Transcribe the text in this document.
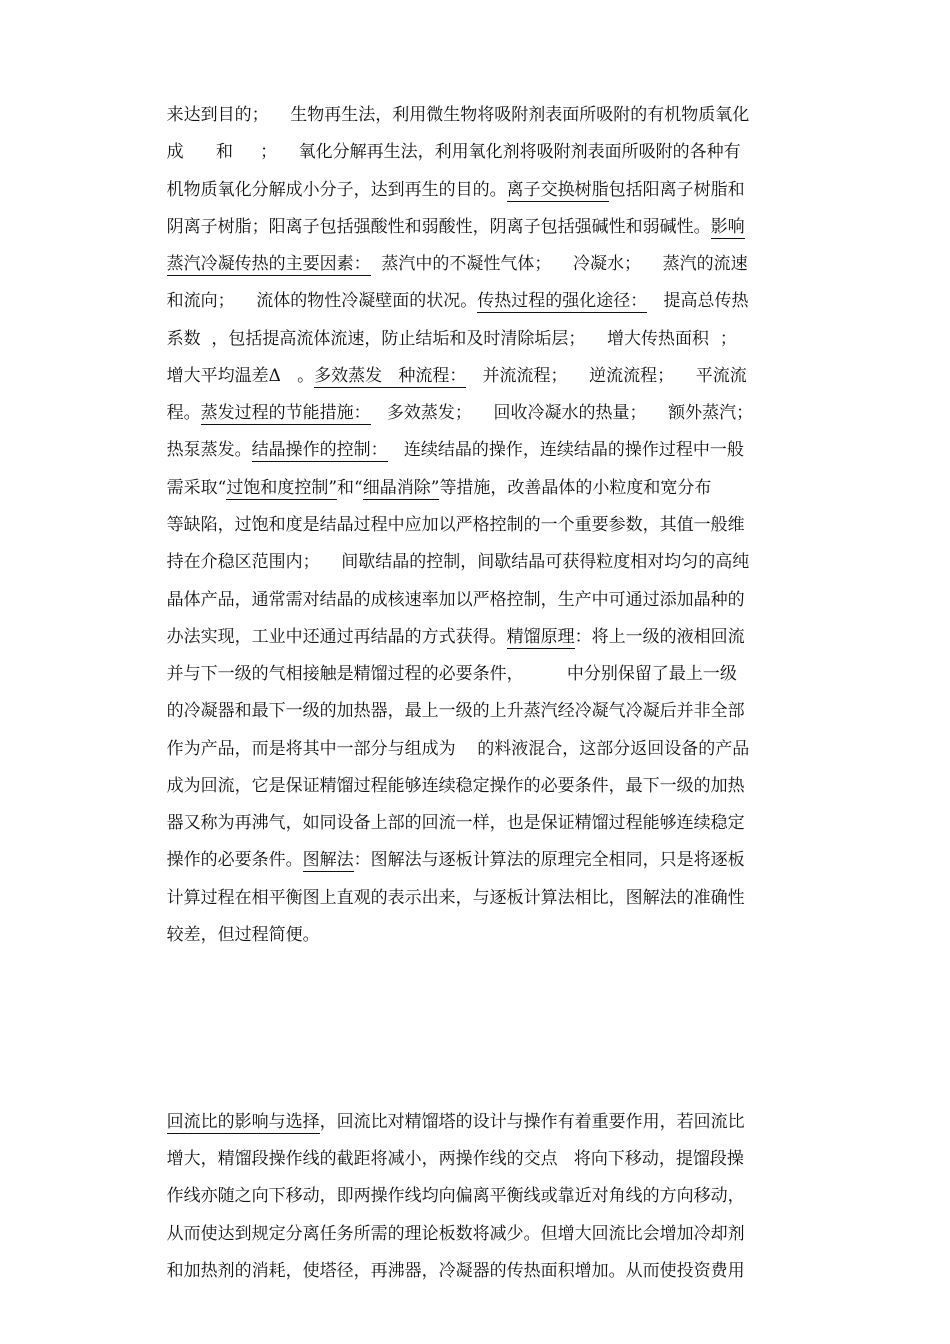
来达到目的；    生物再生法，利用微生物将吸附剂表面所吸附的有机物质氧化

成      和     ；    氧化分解再生法，利用氧化剂将吸附剂表面所吸附的各种有

机物质氧化分解成小分子，达到再生的目的。离子交换树脂包括阳离子树脂和

阴离子树脂；阳离子包括强酸性和弱酸性，阴离子包括强碱性和弱碱性。影响

蒸汽冷凝传热的主要因素：  蒸汽中的不凝性气体；    冷凝水；    蒸汽的流速

和流向；    流体的物性冷凝壁面的状况。传热过程的强化途径：   提高总传热

系数  ，包括提高流体流速，防止结垢和及时清除垢层；    增大传热面积  ；

增大平均温差Δ   。多效蒸发   种流程：   并流流程；    逆流流程；    平流流

程。蒸发过程的节能措施：   多效蒸发；    回收冷凝水的热量；    额外蒸汽；

热泵蒸发。结晶操作的控制：   连续结晶的操作，连续结晶的操作过程中一般

需采取“过饱和度控制”和“细晶消除”等措施，改善晶体的小粒度和宽分布

等缺陷，过饱和度是结晶过程中应加以严格控制的一个重要参数，其值一般维

持在介稳区范围内；    间歇结晶的控制，间歇结晶可获得粒度相对均匀的高纯

晶体产品，通常需对结晶的成核速率加以严格控制，生产中可通过添加晶种的

办法实现，工业中还通过再结晶的方式获得。精馏原理：将上一级的液相回流

并与下一级的气相接触是精馏过程的必要条件，        中分别保留了最上一级

的冷凝器和最下一级的加热器，最上一级的上升蒸汽经冷凝气冷凝后并非全部

作为产品，而是将其中一部分与组成为    的料液混合，这部分返回设备的产品

成为回流，它是保证精馏过程能够连续稳定操作的必要条件，最下一级的加热

器又称为再沸气，如同设备上部的回流一样，也是保证精馏过程能够连续稳定

操作的必要条件。图解法：图解法与逐板计算法的原理完全相同，只是将逐板

计算过程在相平衡图上直观的表示出来，与逐板计算法相比，图解法的准确性

较差，但过程简便。

回流比的影响与选择，回流比对精馏塔的设计与操作有着重要作用，若回流比

增大，精馏段操作线的截距将减小，两操作线的交点   将向下移动，提馏段操

作线亦随之向下移动，即两操作线均向偏离平衡线或靠近对角线的方向移动，

从而使达到规定分离任务所需的理论板数将减少。但增大回流比会增加冷却剂

和加热剂的消耗，使塔径，再沸器，冷凝器的传热面积增加。从而使投资费用
